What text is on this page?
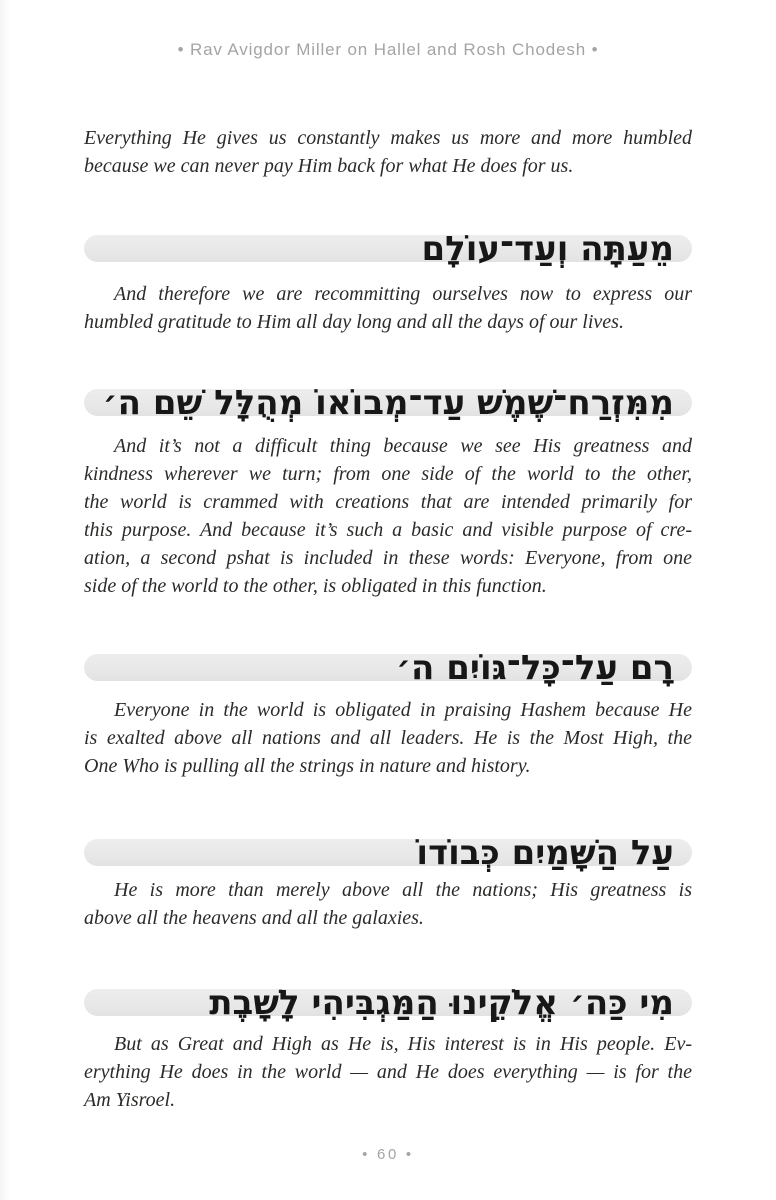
• Rav Avigdor Miller on Hallel and Rosh Chodesh •
Everything He gives us constantly makes us more and more humbled
because we can never pay Him back for what He does for us.
מֵעַתָּה וְעַד־עוֹלָם
And therefore we are recommitting ourselves now to express our
humbled gratitude to Him all day long and all the days of our lives.
מִמִּזְרַח־שֶׁמֶשׁ עַד־מְבוֹאוֹ מְהֻלָּל שֵׁם ה׳
And it’s not a difficult thing because we see His greatness and
kindness wherever we turn; from one side of the world to the other,
the world is crammed with creations that are intended primarily for
this purpose. And because it’s such a basic and visible purpose of cre-
ation, a second pshat is included in these words: Everyone, from one
side of the world to the other, is obligated in this function.
רָם עַל־כָּל־גּוֹיִם ה׳
Everyone in the world is obligated in praising Hashem because He
is exalted above all nations and all leaders. He is the Most High, the
One Who is pulling all the strings in nature and history.
עַל הַשָּׁמַיִם כְּבוֹדוֹ
He is more than merely above all the nations; His greatness is
above all the heavens and all the galaxies.
מִי כַּה׳ אֱלֹקֵינוּ הַמַּגְבִּיהִי לָשָׁבֶת
But as Great and High as He is, His interest is in His people. Ev-
erything He does in the world — and He does everything — is for the
Am Yisroel.
• 60 •
